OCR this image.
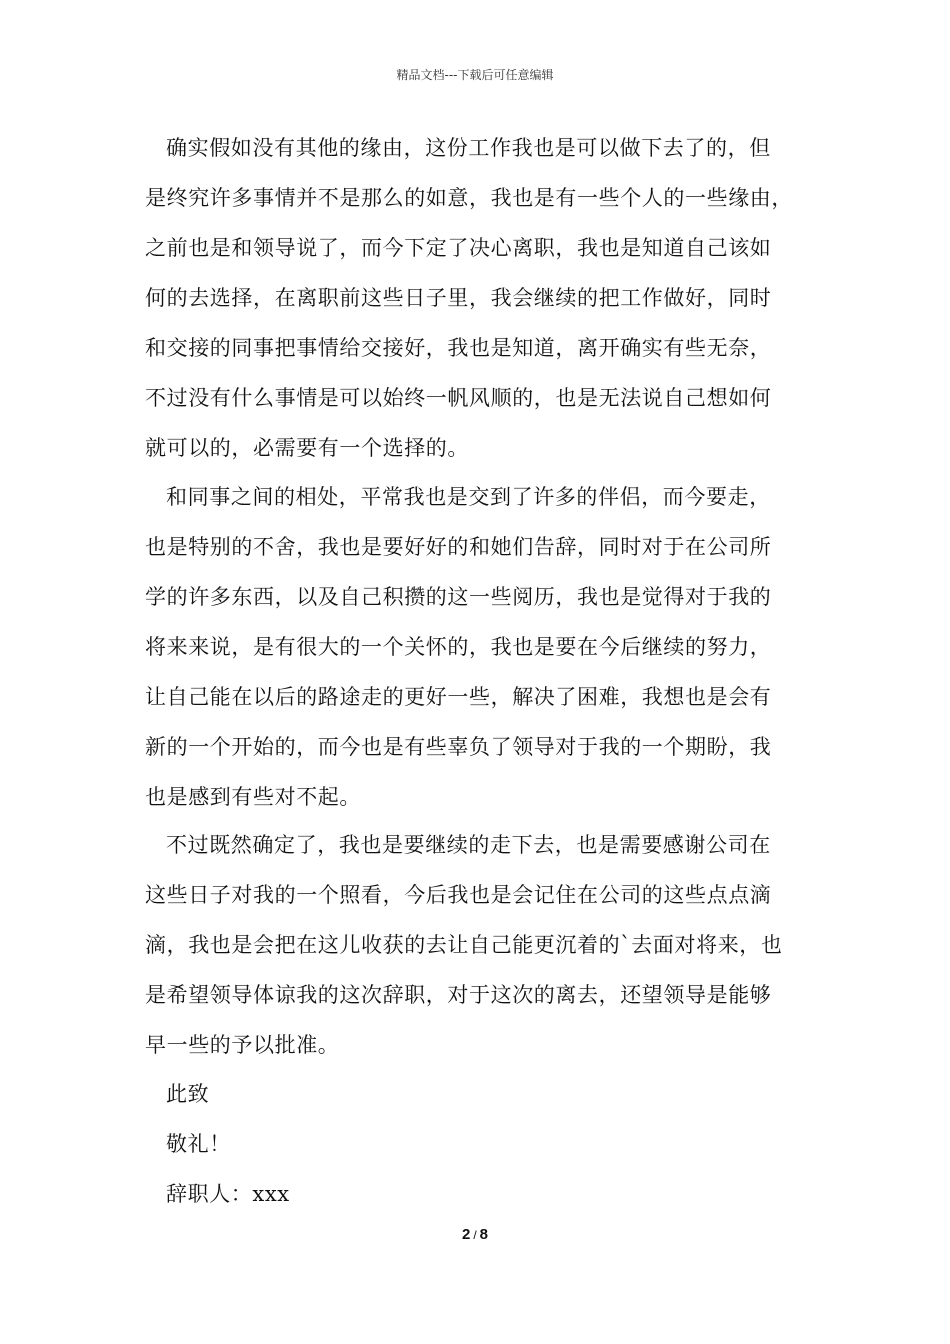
精品文档---下载后可任意编辑
确实假如没有其他的缘由，这份工作我也是可以做下去了的，但
是终究许多事情并不是那么的如意，我也是有一些个人的一些缘由，
之前也是和领导说了，而今下定了决心离职，我也是知道自己该如
何的去选择，在离职前这些日子里，我会继续的把工作做好，同时
和交接的同事把事情给交接好，我也是知道，离开确实有些无奈，
不过没有什么事情是可以始终一帆风顺的，也是无法说自己想如何
就可以的，必需要有一个选择的。
和同事之间的相处，平常我也是交到了许多的伴侣，而今要走，
也是特别的不舍，我也是要好好的和她们告辞，同时对于在公司所
学的许多东西，以及自己积攒的这一些阅历，我也是觉得对于我的
将来来说，是有很大的一个关怀的，我也是要在今后继续的努力，
让自己能在以后的路途走的更好一些，解决了困难，我想也是会有
新的一个开始的，而今也是有些辜负了领导对于我的一个期盼，我
也是感到有些对不起。
不过既然确定了，我也是要继续的走下去，也是需要感谢公司在
这些日子对我的一个照看，今后我也是会记住在公司的这些点点滴
滴，我也是会把在这儿收获的去让自己能更沉着的`去面对将来，也
是希望领导体谅我的这次辞职，对于这次的离去，还望领导是能够
早一些的予以批准。
此致
敬礼！
辞职人：xxx
2 / 8
